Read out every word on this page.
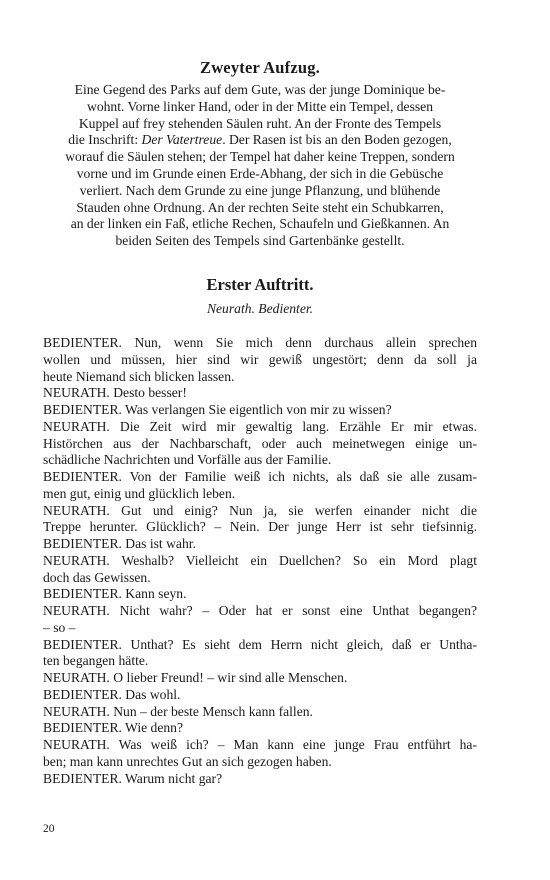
Zweyter Aufzug.
Eine Gegend des Parks auf dem Gute, was der junge Dominique be-
wohnt. Vorne linker Hand, oder in der Mitte ein Tempel, dessen
Kuppel auf frey stehenden Säulen ruht. An der Fronte des Tempels
die Inschrift: Der Vatertreue. Der Rasen ist bis an den Boden gezogen,
worauf die Säulen stehen; der Tempel hat daher keine Treppen, sondern
vorne und im Grunde einen Erde-Abhang, der sich in die Gebüsche
verliert. Nach dem Grunde zu eine junge Pflanzung, und blühende
Stauden ohne Ordnung. An der rechten Seite steht ein Schubkarren,
an der linken ein Faß, etliche Rechen, Schaufeln und Gießkannen. An
beiden Seiten des Tempels sind Gartenbänke gestellt.
Erster Auftritt.
Neurath. Bedienter.
BEDIENTER. Nun, wenn Sie mich denn durchaus allein sprechen
wollen und müssen, hier sind wir gewiß ungestört; denn da soll ja
heute Niemand sich blicken lassen.
NEURATH. Desto besser!
BEDIENTER. Was verlangen Sie eigentlich von mir zu wissen?
NEURATH. Die Zeit wird mir gewaltig lang. Erzähle Er mir etwas.
Histörchen aus der Nachbarschaft, oder auch meinetwegen einige un-
schädliche Nachrichten und Vorfälle aus der Familie.
BEDIENTER. Von der Familie weiß ich nichts, als daß sie alle zusam-
men gut, einig und glücklich leben.
NEURATH. Gut und einig? Nun ja, sie werfen einander nicht die
Treppe herunter. Glücklich? – Nein. Der junge Herr ist sehr tiefsinnig.
BEDIENTER. Das ist wahr.
NEURATH. Weshalb? Vielleicht ein Duellchen? So ein Mord plagt
doch das Gewissen.
BEDIENTER. Kann seyn.
NEURATH. Nicht wahr? – Oder hat er sonst eine Unthat begangen?
– so –
BEDIENTER. Unthat? Es sieht dem Herrn nicht gleich, daß er Untha-
ten begangen hätte.
NEURATH. O lieber Freund! – wir sind alle Menschen.
BEDIENTER. Das wohl.
NEURATH. Nun – der beste Mensch kann fallen.
BEDIENTER. Wie denn?
NEURATH. Was weiß ich? – Man kann eine junge Frau entführt ha-
ben; man kann unrechtes Gut an sich gezogen haben.
BEDIENTER. Warum nicht gar?
20
